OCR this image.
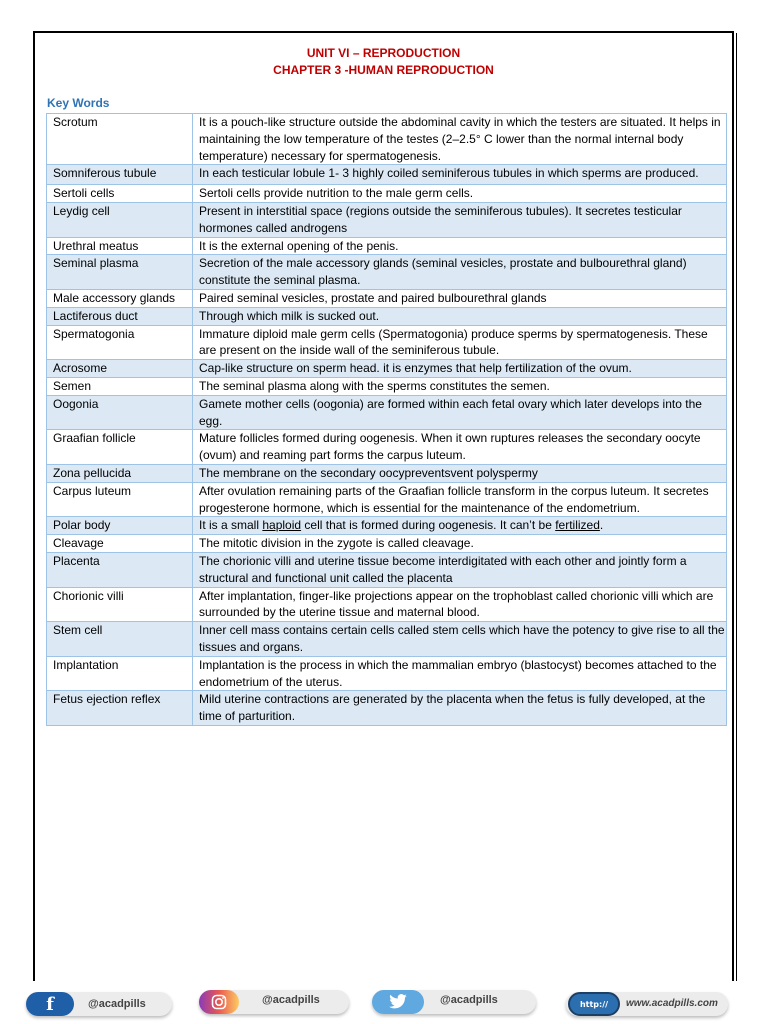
UNIT VI – REPRODUCTION
CHAPTER 3 -HUMAN REPRODUCTION
Key Words
Scrotum	It is a pouch-like structure outside the abdominal cavity in which the testers are situated. It helps in maintaining the low temperature of the testes (2–2.5° C lower than the normal internal body temperature) necessary for spermatogenesis.
Somniferous tubule	In each testicular lobule 1- 3 highly coiled seminiferous tubules in which sperms are produced.
Sertoli cells	Sertoli cells provide nutrition to the male germ cells.
Leydig cell	Present in interstitial space (regions outside the seminiferous tubules). It secretes testicular hormones called androgens
Urethral meatus	It is the external opening of the penis.
Seminal plasma	Secretion of the male accessory glands (seminal vesicles, prostate and bulbourethral gland) constitute the seminal plasma.
Male accessory glands	Paired seminal vesicles, prostate and paired bulbourethral glands
Lactiferous duct	Through which milk is sucked out.
Spermatogonia	Immature diploid male germ cells (Spermatogonia) produce sperms by spermatogenesis. These are present on the inside wall of the seminiferous tubule.
Acrosome	Cap-like structure on sperm head. it is enzymes that help fertilization of the ovum.
Semen	The seminal plasma along with the sperms constitutes the semen.
Oogonia	Gamete mother cells (oogonia) are formed within each fetal ovary which later develops into the egg.
Graafian follicle	Mature follicles formed during oogenesis. When it own ruptures releases the secondary oocyte (ovum) and reaming part forms the carpus luteum.
Zona pellucida	The membrane on the secondary oocypreventsvent polyspermy
Carpus luteum	After ovulation remaining parts of the Graafian follicle transform in the corpus luteum. It secretes progesterone hormone, which is essential for the maintenance of the endometrium.
Polar body	It is a small haploid cell that is formed during oogenesis. It can’t be fertilized.
Cleavage	The mitotic division in the zygote is called cleavage.
Placenta	The chorionic villi and uterine tissue become interdigitated with each other and jointly form a structural and functional unit called the placenta
Chorionic villi	After implantation, finger-like projections appear on the trophoblast called chorionic villi which are surrounded by the uterine tissue and maternal blood.
Stem cell	Inner cell mass contains certain cells called stem cells which have the potency to give rise to all the tissues and organs.
Implantation	Implantation is the process in which the mammalian embryo (blastocyst) becomes attached to the endometrium of the uterus.
Fetus ejection reflex	Mild uterine contractions are generated by the placenta when the fetus is fully developed, at the time of parturition.
f	@acadpills	@acadpills	@acadpills	http:// www.acadpills.com
